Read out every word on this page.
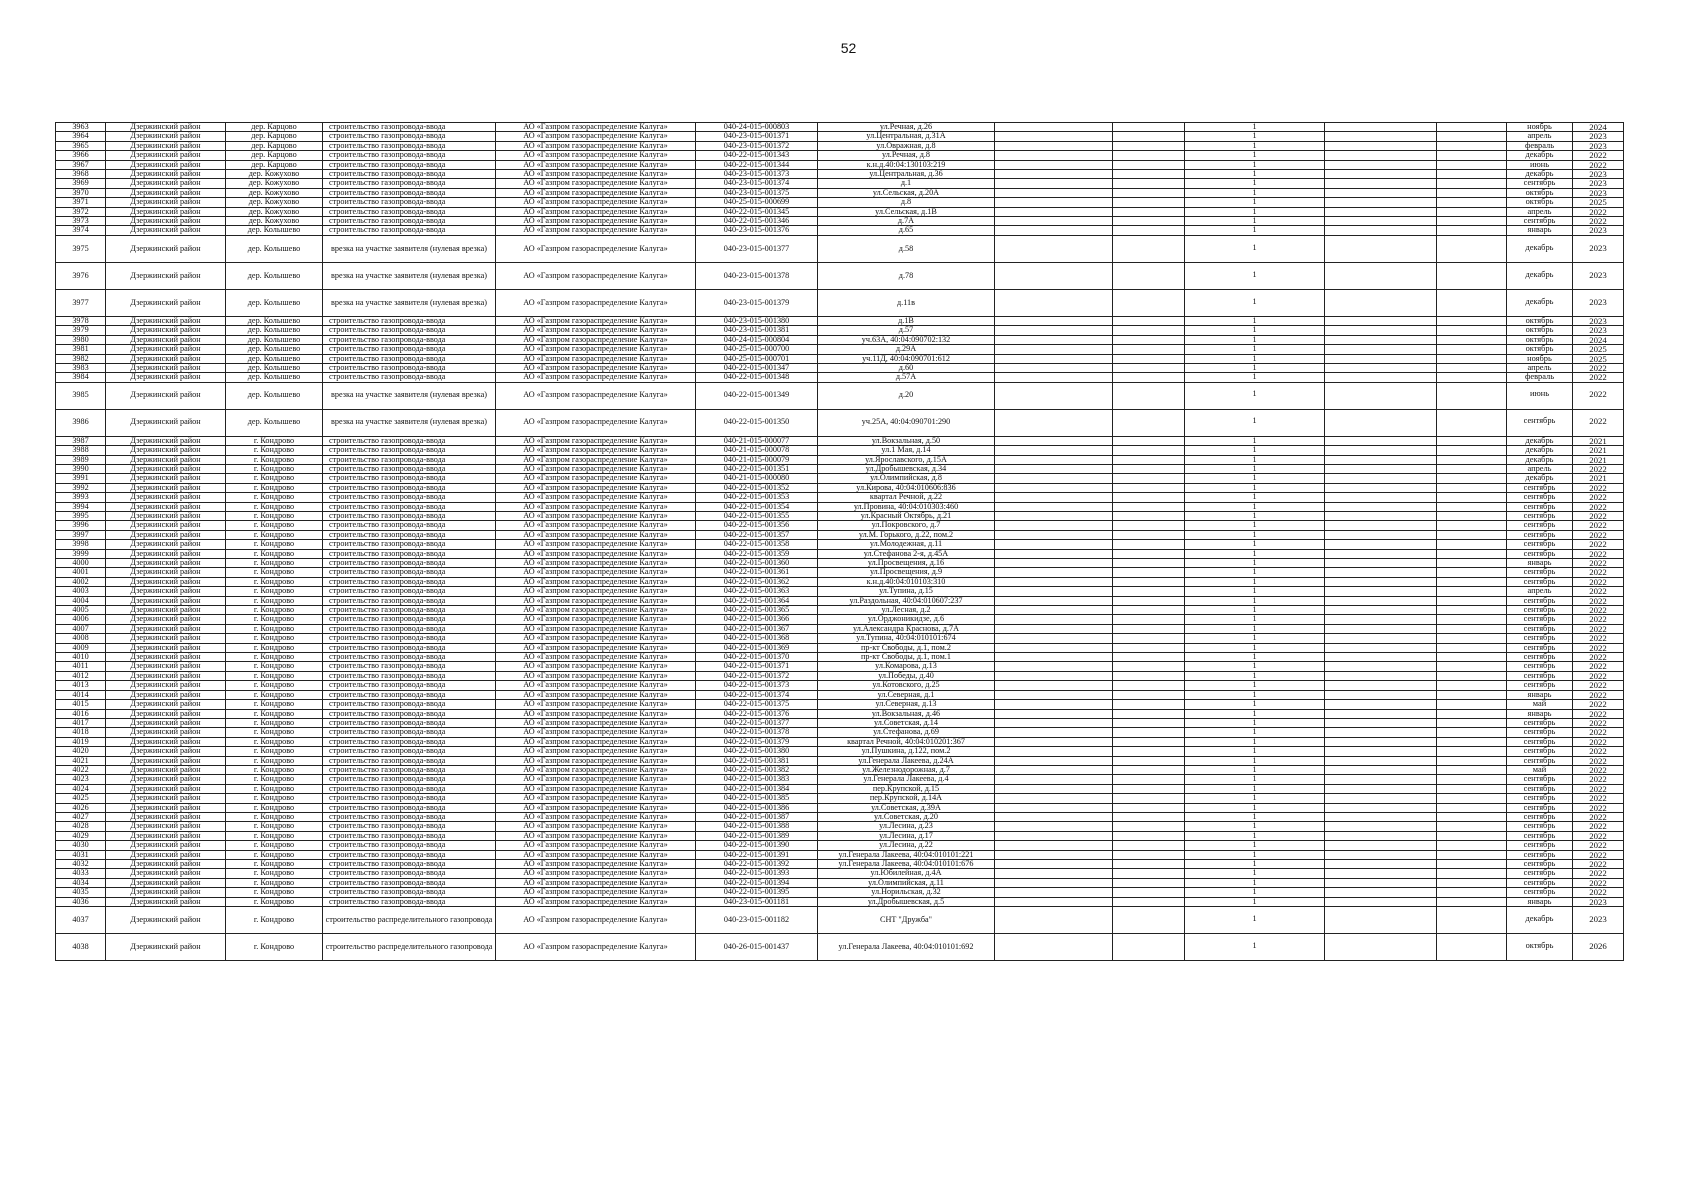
52
3963	Дзержинский район	дер. Карцово	строительство газопровода-ввода	АО «Газпром газораспределение Калуга»	040-24-015-000803	ул.Речная, д.26			1			ноябрь	2024
3964	Дзержинский район	дер. Карцово	строительство газопровода-ввода	АО «Газпром газораспределение Калуга»	040-23-015-001371	ул.Центральная, д.31А			1			апрель	2023
3965	Дзержинский район	дер. Карцово	строительство газопровода-ввода	АО «Газпром газораспределение Калуга»	040-23-015-001372	ул.Овражная, д.8			1			февраль	2023
3966	Дзержинский район	дер. Карцово	строительство газопровода-ввода	АО «Газпром газораспределение Калуга»	040-22-015-001343	ул.Речная, д.8			1			декабрь	2022
3967	Дзержинский район	дер. Карцово	строительство газопровода-ввода	АО «Газпром газораспределение Калуга»	040-22-015-001344	к.н.д.40:04:130103:219			1			июнь	2022
3968	Дзержинский район	дер. Кожухово	строительство газопровода-ввода	АО «Газпром газораспределение Калуга»	040-23-015-001373	ул.Центральная, д.36			1			декабрь	2023
3969	Дзержинский район	дер. Кожухово	строительство газопровода-ввода	АО «Газпром газораспределение Калуга»	040-23-015-001374	д.1			1			сентябрь	2023
3970	Дзержинский район	дер. Кожухово	строительство газопровода-ввода	АО «Газпром газораспределение Калуга»	040-23-015-001375	ул.Сельская, д.20А			1			октябрь	2023
3971	Дзержинский район	дер. Кожухово	строительство газопровода-ввода	АО «Газпром газораспределение Калуга»	040-25-015-000699	д.8			1			октябрь	2025
3972	Дзержинский район	дер. Кожухово	строительство газопровода-ввода	АО «Газпром газораспределение Калуга»	040-22-015-001345	ул.Сельская, д.1В			1			апрель	2022
3973	Дзержинский район	дер. Кожухово	строительство газопровода-ввода	АО «Газпром газораспределение Калуга»	040-22-015-001346	д.7А			1			сентябрь	2022
3974	Дзержинский район	дер. Колышево	строительство газопровода-ввода	АО «Газпром газораспределение Калуга»	040-23-015-001376	д.65			1			январь	2023
3975	Дзержинский район	дер. Колышево	врезка на участке заявителя (нулевая врезка)	АО «Газпром газораспределение Калуга»	040-23-015-001377	д.58			1			декабрь	2023
3976	Дзержинский район	дер. Колышево	врезка на участке заявителя (нулевая врезка)	АО «Газпром газораспределение Калуга»	040-23-015-001378	д.78			1			декабрь	2023
3977	Дзержинский район	дер. Колышево	врезка на участке заявителя (нулевая врезка)	АО «Газпром газораспределение Калуга»	040-23-015-001379	д.11в			1			декабрь	2023
3978	Дзержинский район	дер. Колышево	строительство газопровода-ввода	АО «Газпром газораспределение Калуга»	040-23-015-001380	д.1В			1			октябрь	2023
3979	Дзержинский район	дер. Колышево	строительство газопровода-ввода	АО «Газпром газораспределение Калуга»	040-23-015-001381	д.57			1			октябрь	2023
3980	Дзержинский район	дер. Колышево	строительство газопровода-ввода	АО «Газпром газораспределение Калуга»	040-24-015-000804	уч.63А, 40:04:090702:132			1			октябрь	2024
3981	Дзержинский район	дер. Колышево	строительство газопровода-ввода	АО «Газпром газораспределение Калуга»	040-25-015-000700	д.29А			1			октябрь	2025
3982	Дзержинский район	дер. Колышево	строительство газопровода-ввода	АО «Газпром газораспределение Калуга»	040-25-015-000701	уч.11Д, 40:04:090701:612			1			ноябрь	2025
3983	Дзержинский район	дер. Колышево	строительство газопровода-ввода	АО «Газпром газораспределение Калуга»	040-22-015-001347	д.60			1			апрель	2022
3984	Дзержинский район	дер. Колышево	строительство газопровода-ввода	АО «Газпром газораспределение Калуга»	040-22-015-001348	д.57А			1			февраль	2022
3985	Дзержинский район	дер. Колышево	врезка на участке заявителя (нулевая врезка)	АО «Газпром газораспределение Калуга»	040-22-015-001349	д.20			1			июнь	2022
3986	Дзержинский район	дер. Колышево	врезка на участке заявителя (нулевая врезка)	АО «Газпром газораспределение Калуга»	040-22-015-001350	уч.25А, 40:04:090701:290			1			сентябрь	2022
3987	Дзержинский район	г. Кондрово	строительство газопровода-ввода	АО «Газпром газораспределение Калуга»	040-21-015-000077	ул.Вокзальная, д.50			1			декабрь	2021
3988	Дзержинский район	г. Кондрово	строительство газопровода-ввода	АО «Газпром газораспределение Калуга»	040-21-015-000078	ул.1 Мая, д.14			1			декабрь	2021
3989	Дзержинский район	г. Кондрово	строительство газопровода-ввода	АО «Газпром газораспределение Калуга»	040-21-015-000079	ул.Ярославского, д.15А			1			декабрь	2021
3990	Дзержинский район	г. Кондрово	строительство газопровода-ввода	АО «Газпром газораспределение Калуга»	040-22-015-001351	ул.Дробышевская, д.34			1			апрель	2022
3991	Дзержинский район	г. Кондрово	строительство газопровода-ввода	АО «Газпром газораспределение Калуга»	040-21-015-000080	ул.Олимпийская, д.8			1			декабрь	2021
3992	Дзержинский район	г. Кондрово	строительство газопровода-ввода	АО «Газпром газораспределение Калуга»	040-22-015-001352	ул.Кирова, 40:04:010606:836			1			сентябрь	2022
3993	Дзержинский район	г. Кондрово	строительство газопровода-ввода	АО «Газпром газораспределение Калуга»	040-22-015-001353	квартал Речной, д.22			1			сентябрь	2022
3994	Дзержинский район	г. Кондрово	строительство газопровода-ввода	АО «Газпром газораспределение Калуга»	040-22-015-001354	ул.Провина, 40:04:010303:460			1			сентябрь	2022
3995	Дзержинский район	г. Кондрово	строительство газопровода-ввода	АО «Газпром газораспределение Калуга»	040-22-015-001355	ул.Красный Октябрь, д.21			1			сентябрь	2022
3996	Дзержинский район	г. Кондрово	строительство газопровода-ввода	АО «Газпром газораспределение Калуга»	040-22-015-001356	ул.Покровского, д.7			1			сентябрь	2022
3997	Дзержинский район	г. Кондрово	строительство газопровода-ввода	АО «Газпром газораспределение Калуга»	040-22-015-001357	ул.М. Горького, д.22, пом.2			1			сентябрь	2022
3998	Дзержинский район	г. Кондрово	строительство газопровода-ввода	АО «Газпром газораспределение Калуга»	040-22-015-001358	ул.Молодежная, д.11			1			сентябрь	2022
3999	Дзержинский район	г. Кондрово	строительство газопровода-ввода	АО «Газпром газораспределение Калуга»	040-22-015-001359	ул.Стефанова 2-я, д.45А			1			сентябрь	2022
4000	Дзержинский район	г. Кондрово	строительство газопровода-ввода	АО «Газпром газораспределение Калуга»	040-22-015-001360	ул.Просвещения, д.16			1			январь	2022
4001	Дзержинский район	г. Кондрово	строительство газопровода-ввода	АО «Газпром газораспределение Калуга»	040-22-015-001361	ул.Просвещения, д.9			1			сентябрь	2022
4002	Дзержинский район	г. Кондрово	строительство газопровода-ввода	АО «Газпром газораспределение Калуга»	040-22-015-001362	к.н.д.40:04:010103:310			1			сентябрь	2022
4003	Дзержинский район	г. Кондрово	строительство газопровода-ввода	АО «Газпром газораспределение Калуга»	040-22-015-001363	ул.Тупина, д.15			1			апрель	2022
4004	Дзержинский район	г. Кондрово	строительство газопровода-ввода	АО «Газпром газораспределение Калуга»	040-22-015-001364	ул.Раздольная, 40:04:010607:237			1			сентябрь	2022
4005	Дзержинский район	г. Кондрово	строительство газопровода-ввода	АО «Газпром газораспределение Калуга»	040-22-015-001365	ул.Лесная, д.2			1			сентябрь	2022
4006	Дзержинский район	г. Кондрово	строительство газопровода-ввода	АО «Газпром газораспределение Калуга»	040-22-015-001366	ул.Орджоникидзе, д.6			1			сентябрь	2022
4007	Дзержинский район	г. Кондрово	строительство газопровода-ввода	АО «Газпром газораспределение Калуга»	040-22-015-001367	ул.Александра Краснова, д.7А			1			сентябрь	2022
4008	Дзержинский район	г. Кондрово	строительство газопровода-ввода	АО «Газпром газораспределение Калуга»	040-22-015-001368	ул.Тупина, 40:04:010101:674			1			сентябрь	2022
4009	Дзержинский район	г. Кондрово	строительство газопровода-ввода	АО «Газпром газораспределение Калуга»	040-22-015-001369	пр-кт Свободы, д.1, пом.2			1			сентябрь	2022
4010	Дзержинский район	г. Кондрово	строительство газопровода-ввода	АО «Газпром газораспределение Калуга»	040-22-015-001370	пр-кт Свободы, д.1, пом.1			1			сентябрь	2022
4011	Дзержинский район	г. Кондрово	строительство газопровода-ввода	АО «Газпром газораспределение Калуга»	040-22-015-001371	ул.Комарова, д.13			1			сентябрь	2022
4012	Дзержинский район	г. Кондрово	строительство газопровода-ввода	АО «Газпром газораспределение Калуга»	040-22-015-001372	ул.Победы, д.40			1			сентябрь	2022
4013	Дзержинский район	г. Кондрово	строительство газопровода-ввода	АО «Газпром газораспределение Калуга»	040-22-015-001373	ул.Котовского, д.25			1			сентябрь	2022
4014	Дзержинский район	г. Кондрово	строительство газопровода-ввода	АО «Газпром газораспределение Калуга»	040-22-015-001374	ул.Северная, д.1			1			январь	2022
4015	Дзержинский район	г. Кондрово	строительство газопровода-ввода	АО «Газпром газораспределение Калуга»	040-22-015-001375	ул.Северная, д.13			1			май	2022
4016	Дзержинский район	г. Кондрово	строительство газопровода-ввода	АО «Газпром газораспределение Калуга»	040-22-015-001376	ул.Вокзальная, д.46			1			январь	2022
4017	Дзержинский район	г. Кондрово	строительство газопровода-ввода	АО «Газпром газораспределение Калуга»	040-22-015-001377	ул.Советская, д.14			1			сентябрь	2022
4018	Дзержинский район	г. Кондрово	строительство газопровода-ввода	АО «Газпром газораспределение Калуга»	040-22-015-001378	ул.Стефанова, д.69			1			сентябрь	2022
4019	Дзержинский район	г. Кондрово	строительство газопровода-ввода	АО «Газпром газораспределение Калуга»	040-22-015-001379	квартал Речной, 40:04:010201:367			1			сентябрь	2022
4020	Дзержинский район	г. Кондрово	строительство газопровода-ввода	АО «Газпром газораспределение Калуга»	040-22-015-001380	ул.Пушкина, д.122, пом.2			1			сентябрь	2022
4021	Дзержинский район	г. Кондрово	строительство газопровода-ввода	АО «Газпром газораспределение Калуга»	040-22-015-001381	ул.Генерала Лакеева, д.24А			1			сентябрь	2022
4022	Дзержинский район	г. Кондрово	строительство газопровода-ввода	АО «Газпром газораспределение Калуга»	040-22-015-001382	ул.Железнодорожная, д.7			1			май	2022
4023	Дзержинский район	г. Кондрово	строительство газопровода-ввода	АО «Газпром газораспределение Калуга»	040-22-015-001383	ул.Генерала Лакеева, д.4			1			сентябрь	2022
4024	Дзержинский район	г. Кондрово	строительство газопровода-ввода	АО «Газпром газораспределение Калуга»	040-22-015-001384	пер.Крупской, д.15			1			сентябрь	2022
4025	Дзержинский район	г. Кондрово	строительство газопровода-ввода	АО «Газпром газораспределение Калуга»	040-22-015-001385	пер.Крупской, д.14А			1			сентябрь	2022
4026	Дзержинский район	г. Кондрово	строительство газопровода-ввода	АО «Газпром газораспределение Калуга»	040-22-015-001386	ул.Советская, д.39А			1			сентябрь	2022
4027	Дзержинский район	г. Кондрово	строительство газопровода-ввода	АО «Газпром газораспределение Калуга»	040-22-015-001387	ул.Советская, д.20			1			сентябрь	2022
4028	Дзержинский район	г. Кондрово	строительство газопровода-ввода	АО «Газпром газораспределение Калуга»	040-22-015-001388	ул.Лесина, д.23			1			сентябрь	2022
4029	Дзержинский район	г. Кондрово	строительство газопровода-ввода	АО «Газпром газораспределение Калуга»	040-22-015-001389	ул.Лесина, д.17			1			сентябрь	2022
4030	Дзержинский район	г. Кондрово	строительство газопровода-ввода	АО «Газпром газораспределение Калуга»	040-22-015-001390	ул.Лесина, д.22			1			сентябрь	2022
4031	Дзержинский район	г. Кондрово	строительство газопровода-ввода	АО «Газпром газораспределение Калуга»	040-22-015-001391	ул.Генерала Лакеева, 40:04:010101:221			1			сентябрь	2022
4032	Дзержинский район	г. Кондрово	строительство газопровода-ввода	АО «Газпром газораспределение Калуга»	040-22-015-001392	ул.Генерала Лакеева, 40:04:010101:676			1			сентябрь	2022
4033	Дзержинский район	г. Кондрово	строительство газопровода-ввода	АО «Газпром газораспределение Калуга»	040-22-015-001393	ул.Юбилейная, д.4А			1			сентябрь	2022
4034	Дзержинский район	г. Кондрово	строительство газопровода-ввода	АО «Газпром газораспределение Калуга»	040-22-015-001394	ул.Олимпийская, д.11			1			сентябрь	2022
4035	Дзержинский район	г. Кондрово	строительство газопровода-ввода	АО «Газпром газораспределение Калуга»	040-22-015-001395	ул.Норильская, д.32			1			сентябрь	2022
4036	Дзержинский район	г. Кондрово	строительство газопровода-ввода	АО «Газпром газораспределение Калуга»	040-23-015-001181	ул.Дробышевская, д.5			1			январь	2023
4037	Дзержинский район	г. Кондрово	строительство распределительного газопровода	АО «Газпром газораспределение Калуга»	040-23-015-001182	СНТ "Дружба"			1			декабрь	2023
4038	Дзержинский район	г. Кондрово	строительство распределительного газопровода	АО «Газпром газораспределение Калуга»	040-26-015-001437	ул.Генерала Лакеева, 40:04:010101:692			1			октябрь	2026
